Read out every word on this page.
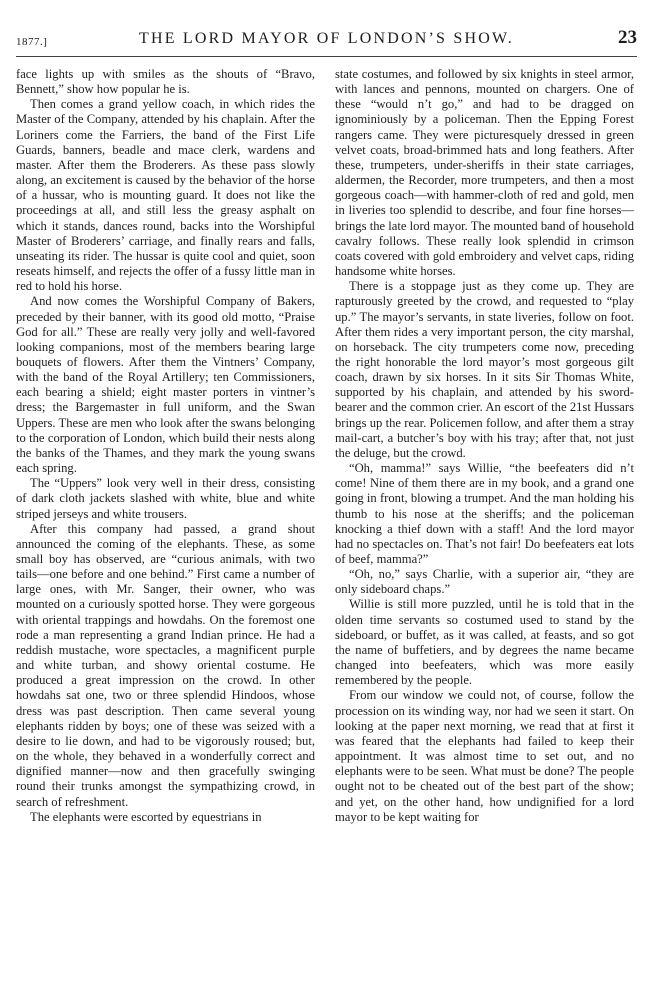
1877.]	THE LORD MAYOR OF LONDON’S SHOW.	23

face lights up with smiles as the shouts of “Bravo, Bennett,” show how popular he is.

Then comes a grand yellow coach, in which rides the Master of the Company, attended by his chaplain. After the Loriners come the Farriers, the band of the First Life Guards, banners, beadle and mace clerk, wardens and master. After them the Broderers. As these pass slowly along, an excitement is caused by the behavior of the horse of a hussar, who is mounting guard. It does not like the proceedings at all, and still less the greasy asphalt on which it stands, dances round, backs into the Worshipful Master of Broderers’ carriage, and finally rears and falls, unseating its rider. The hussar is quite cool and quiet, soon reseats himself, and rejects the offer of a fussy little man in red to hold his horse.

And now comes the Worshipful Company of Bakers, preceded by their banner, with its good old motto, “Praise God for all.” These are really very jolly and well-favored looking companions, most of the members bearing large bouquets of flowers. After them the Vintners’ Company, with the band of the Royal Artillery; ten Commissioners, each bearing a shield; eight master porters in vintner’s dress; the Bargemaster in full uniform, and the Swan Uppers. These are men who look after the swans belonging to the corporation of London, which build their nests along the banks of the Thames, and they mark the young swans each spring.

The “Uppers” look very well in their dress, consisting of dark cloth jackets slashed with white, blue and white striped jerseys and white trousers.

After this company had passed, a grand shout announced the coming of the elephants. These, as some small boy has observed, are “curious animals, with two tails—one before and one behind.” First came a number of large ones, with Mr. Sanger, their owner, who was mounted on a curiously spotted horse. They were gorgeous with oriental trappings and howdahs. On the foremost one rode a man representing a grand Indian prince. He had a reddish mustache, wore spectacles, a magnificent purple and white turban, and showy oriental costume. He produced a great impression on the crowd. In other howdahs sat one, two or three splendid Hindoos, whose dress was past description. Then came several young elephants ridden by boys; one of these was seized with a desire to lie down, and had to be vigorously roused; but, on the whole, they behaved in a wonderfully correct and dignified manner—now and then gracefully swinging round their trunks amongst the sympathizing crowd, in search of refreshment.

The elephants were escorted by equestrians in

state costumes, and followed by six knights in steel armor, with lances and pennons, mounted on chargers. One of these “would n’t go,” and had to be dragged on ignominiously by a policeman. Then the Epping Forest rangers came. They were picturesquely dressed in green velvet coats, broad-brimmed hats and long feathers. After these, trumpeters, under-sheriffs in their state carriages, aldermen, the Recorder, more trumpeters, and then a most gorgeous coach—with hammer-cloth of red and gold, men in liveries too splendid to describe, and four fine horses—brings the late lord mayor. The mounted band of household cavalry follows. These really look splendid in crimson coats covered with gold embroidery and velvet caps, riding handsome white horses.

There is a stoppage just as they come up. They are rapturously greeted by the crowd, and requested to “play up.” The mayor’s servants, in state liveries, follow on foot. After them rides a very important person, the city marshal, on horseback. The city trumpeters come now, preceding the right honorable the lord mayor’s most gorgeous gilt coach, drawn by six horses. In it sits Sir Thomas White, supported by his chaplain, and attended by his sword-bearer and the common crier. An escort of the 21st Hussars brings up the rear. Policemen follow, and after them a stray mail-cart, a butcher’s boy with his tray; after that, not just the deluge, but the crowd.

“Oh, mamma!” says Willie, “the beefeaters did n’t come! Nine of them there are in my book, and a grand one going in front, blowing a trumpet. And the man holding his thumb to his nose at the sheriffs; and the policeman knocking a thief down with a staff! And the lord mayor had no spectacles on. That’s not fair! Do beefeaters eat lots of beef, mamma?”

“Oh, no,” says Charlie, with a superior air, “they are only sideboard chaps.”

Willie is still more puzzled, until he is told that in the olden time servants so costumed used to stand by the sideboard, or buffet, as it was called, at feasts, and so got the name of buffetiers, and by degrees the name became changed into beefeaters, which was more easily remembered by the people.

From our window we could not, of course, follow the procession on its winding way, nor had we seen it start. On looking at the paper next morning, we read that at first it was feared that the elephants had failed to keep their appointment. It was almost time to set out, and no elephants were to be seen. What must be done? The people ought not to be cheated out of the best part of the show; and yet, on the other hand, how undignified for a lord mayor to be kept waiting for
